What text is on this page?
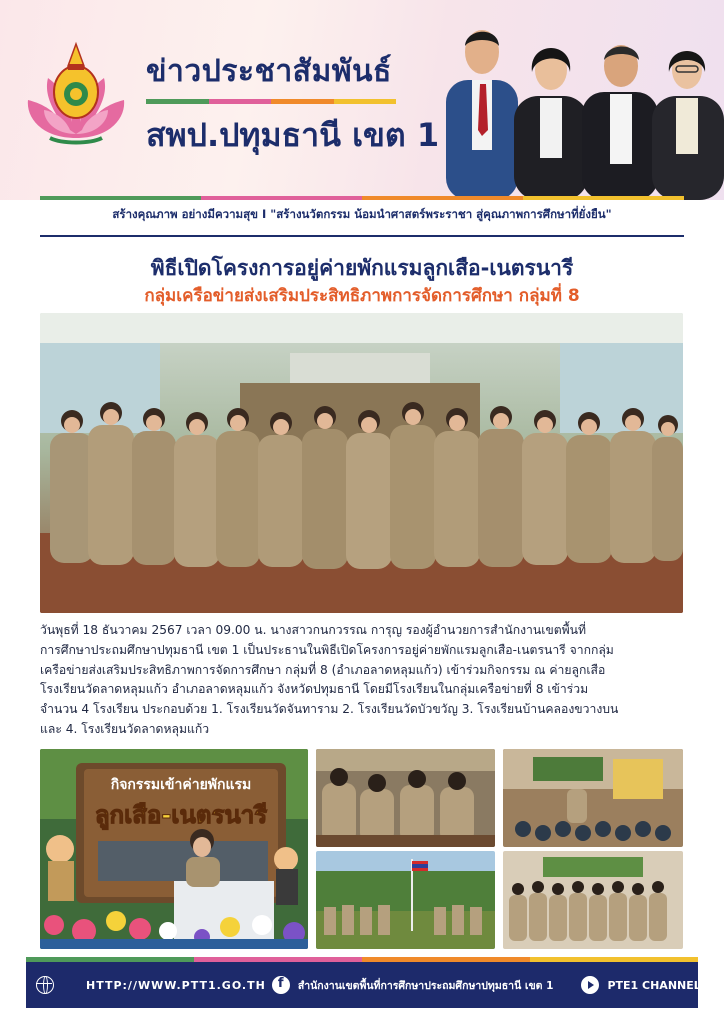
ข่าวประชาสัมพันธ์
สพป.ปทุมธานี เขต 1
สร้างคุณภาพ อย่างมีความสุข I "สร้างนวัตกรรม น้อมนำศาสตร์พระราชา สู่คุณภาพการศึกษาที่ยั่งยืน"
พิธีเปิดโครงการอยู่ค่ายพักแรมลูกเสือ-เนตรนารี
กลุ่มเครือข่ายส่งเสริมประสิทธิภาพการจัดการศึกษา กลุ่มที่ 8

วันพุธที่ 18 ธันวาคม 2567 เวลา 09.00 น. นางสาวกนกวรรณ การุญ รองผู้อำนวยการสำนักงานเขตพื้นที่

การศึกษาประถมศึกษาปทุมธานี เขต 1 เป็นประธานในพิธีเปิดโครงการอยู่ค่ายพักแรมลูกเสือ-เนตรนารี จากกลุ่ม

เครือข่ายส่งเสริมประสิทธิภาพการจัดการศึกษา กลุ่มที่ 8 (อำเภอลาดหลุมแก้ว) เข้าร่วมกิจกรรม ณ ค่ายลูกเสือ

โรงเรียนวัดลาดหลุมแก้ว อำเภอลาดหลุมแก้ว จังหวัดปทุมธานี โดยมีโรงเรียนในกลุ่มเครือข่ายที่ 8 เข้าร่วม

จำนวน 4 โรงเรียน ประกอบด้วย 1. โรงเรียนวัดจันทาราม 2. โรงเรียนวัดบัวขวัญ 3. โรงเรียนบ้านคลองขวางบน

และ 4. โรงเรียนวัดลาดหลุมแก้ว

กิจกรรมเข้าค่ายพักแรม
ลูกเสือ-เนตรนารี
HTTP://WWW.PTT1.GO.TH
f	สำนักงานเขตพื้นที่การศึกษาประถมศึกษาปทุมธานี เขต 1	PTE1 CHANNEL
